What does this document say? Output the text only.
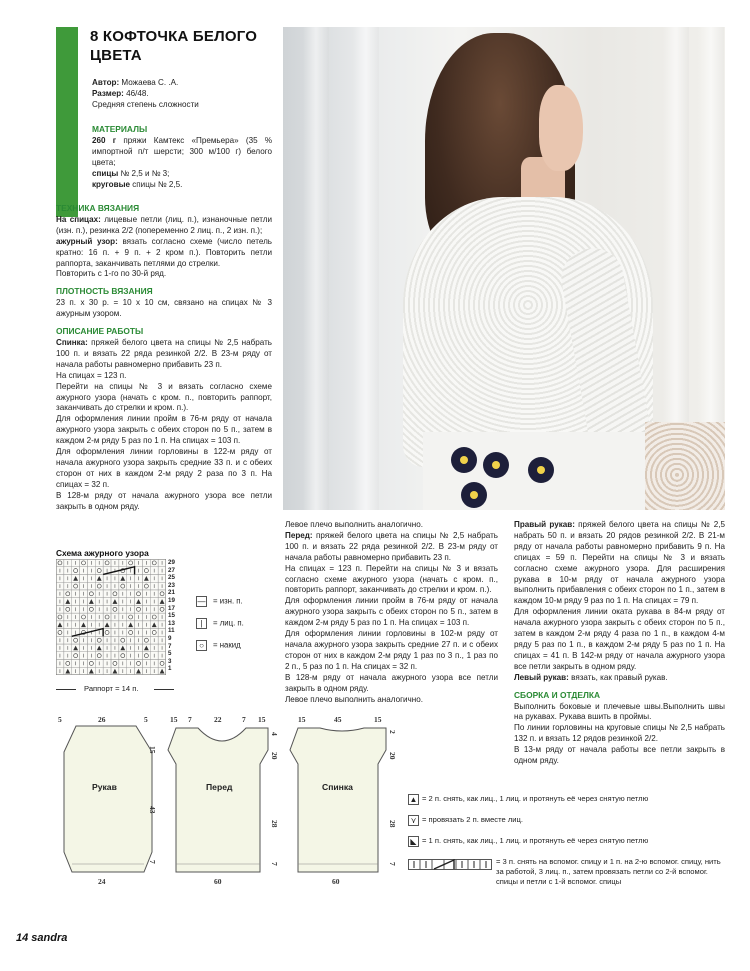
8 КОФТОЧКА БЕЛОГО ЦВЕТА
Автор: Можаева С. .А.
Размер: 46/48.
Средняя степень сложности
МАТЕРИАЛЫ
260 г пряжи Камтекс «Премьера» (35 % импортной п/т шерсти; 300 м/100 г) белого цвета;
спицы № 2,5 и № 3;
круговые спицы № 2,5.
ТЕХНИКА ВЯЗАНИЯ
На спицах: лицевые петли (лиц. п.), изнаночные петли (изн. п.), резинка 2/2 (попеременно 2 лиц. п., 2 изн. п.);
ажурный узор: вязать согласно схеме (число петель кратно: 16 п. + 9 п. + 2 кром п.). Повторить петли раппорта, заканчивать петлями до стрелки.
Повторить с 1-го по 30-й ряд.
ПЛОТНОСТЬ ВЯЗАНИЯ
23 п. x 30 р. = 10 x 10 см, связано на спицах № 3 ажурным узором.
ОПИСАНИЕ РАБОТЫ
Спинка: пряжей белого цвета на спицы № 2,5 набрать 100 п. и вязать 22 ряда резинкой 2/2. В 23-м ряду от начала работы равномерно прибавить 23 п.
На спицах = 123 п.
Перейти на спицы № 3 и вязать согласно схеме ажурного узора (начать с кром. п., повторить раппорт, заканчивать до стрелки и кром. п.).
Для оформления линии пройм в 76-м ряду от начала ажурного узора закрыть с обеих сторон по 5 п., затем в каждом 2-м ряду 5 раз по 1 п. На спицах = 103 п.
Для оформления линии горловины в 122-м ряду от начала ажурного узора закрыть средние 33 п. и с обеих сторон от них в каждом 2-м ряду 2 раза по 3 п. На спицах = 32 п.
В 128-м ряду от начала ажурного узора все петли закрыть в одном ряду.
Левое плечо выполнить аналогично.
Перед: пряжей белого цвета на спицы № 2,5 набрать 100 п. и вязать 22 ряда резинкой 2/2. В 23-м ряду от начала работы равномерно прибавить 23 п.
На спицах = 123 п. Перейти на спицы № 3 и вязать согласно схеме ажурного узора (начать с кром. п., повторить раппорт, заканчивать до стрелки и кром. п.).
Для оформления линии пройм в 76-м ряду от начала ажурного узора закрыть с обеих сторон по 5 п., затем в каждом 2-м ряду 5 раз по 1 п. На спицах = 103 п.
Для оформления линии горловины в 102-м ряду от начала ажурного узора закрыть средние 27 п. и с обеих сторон от них в каждом 2-м ряду 1 раз по 3 п., 1 раз по 2 п., 5 раз по 1 п. На спицах = 32 п.
В 128-м ряду от начала ажурного узора все петли закрыть в одном ряду.
Левое плечо выполнить аналогично.
Правый рукав: пряжей белого цвета на спицы № 2,5 набрать 50 п. и вязать 20 рядов резинкой 2/2. В 21-м ряду от начала работы равномерно прибавить 9 п. На спицах = 59 п. Перейти на спицы № 3 и вязать согласно схеме ажурного узора. Для расширения рукава в 10-м ряду от начала ажурного узора выполнить прибавления с обеих сторон по 1 п., затем в каждом 10-м ряду 9 раз по 1 п. На спицах = 79 п.
Для оформления линии оката рукава в 84-м ряду от начала ажурного узора закрыть с обеих сторон по 5 п., затем в каждом 2-м ряду 4 раза по 1 п., в каждом 4-м ряду 5 раз по 1 п., в каждом 2-м ряду 5 раз по 1 п. На спицах = 41 п. В 142-м ряду от начала ажурного узора все петли закрыть в одном ряду.
Левый рукав: вязать, как правый рукав.
СБОРКА И ОТДЕЛКА
Выполнить боковые и плечевые швы.Выполнить швы на рукавах. Рукава вшить в проймы.
По линии горловины на круговые спицы № 2,5 набрать 132 п. и вязать 12 рядов резинкой 2/2.
В 13-м ряду от начала работы все петли закрыть в одном ряду.
Схема ажурного узора
29
27
25
23
21
19
17
15
13
11
9
7
5
3
1
Раппорт = 14 п.
— = изн. п.
| = лиц. п.
○ = накид
Рукав
5	26	5
15
43
7
24
Перед
15 7	22	7 15
4
20
28
7
60
Спинка
15	45	15
2
20
28
7
60
▲ = 2 п. снять, как лиц., 1 лиц. и протянуть её через снятую петлю
⋎ = провязать 2 п. вместе лиц.
◣ = 1 п. снять, как лиц., 1 лиц. и протянуть её через снятую петлю
= 3 п. снять на вспомог. спицу и 1 п. на 2-ю вспомог. спицу, нить за работой, 3 лиц. п., затем провязать петли со 2-й вспомог. спицы и петли с 1-й вспомог. спицы
14 sandra
